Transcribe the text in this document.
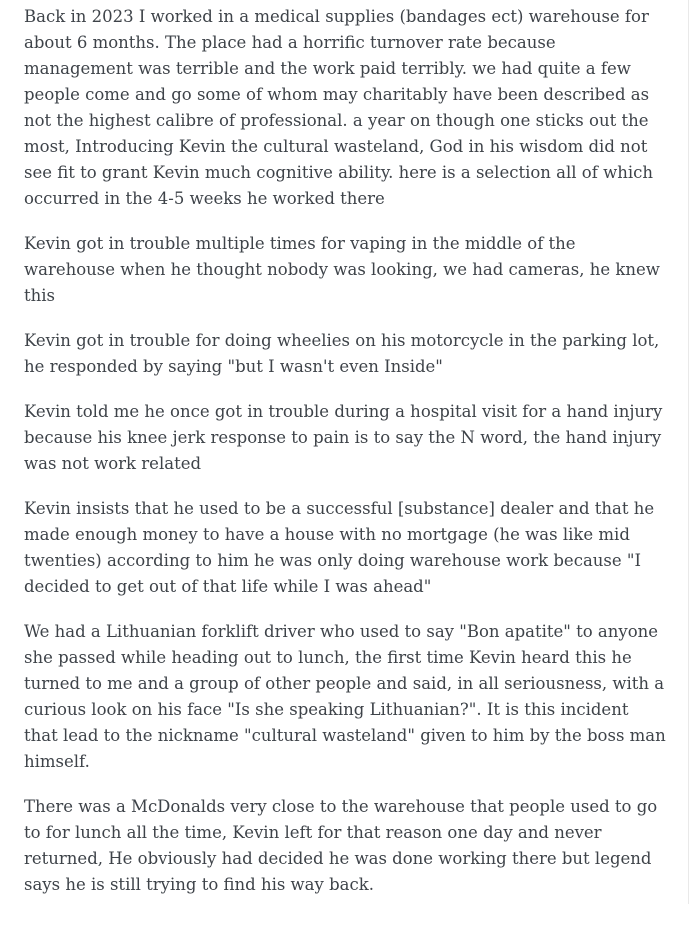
Back in 2023 I worked in a medical supplies (bandages ect) warehouse for about 6 months. The place had a horrific turnover rate because management was terrible and the work paid terribly. we had quite a few people come and go some of whom may charitably have been described as not the highest calibre of professional. a year on though one sticks out the most, Introducing Kevin the cultural wasteland, God in his wisdom did not see fit to grant Kevin much cognitive ability. here is a selection all of which occurred in the 4-5 weeks he worked there

Kevin got in trouble multiple times for vaping in the middle of the warehouse when he thought nobody was looking, we had cameras, he knew this

Kevin got in trouble for doing wheelies on his motorcycle in the parking lot, he responded by saying "but I wasn't even Inside"

Kevin told me he once got in trouble during a hospital visit for a hand injury because his knee jerk response to pain is to say the N word, the hand injury was not work related

Kevin insists that he used to be a successful [substance] dealer and that he made enough money to have a house with no mortgage (he was like mid twenties) according to him he was only doing warehouse work because "I decided to get out of that life while I was ahead"

We had a Lithuanian forklift driver who used to say "Bon apatite" to anyone she passed while heading out to lunch, the first time Kevin heard this he turned to me and a group of other people and said, in all seriousness, with a curious look on his face "Is she speaking Lithuanian?". It is this incident that lead to the nickname "cultural wasteland" given to him by the boss man himself.

There was a McDonalds very close to the warehouse that people used to go to for lunch all the time, Kevin left for that reason one day and never returned, He obviously had decided he was done working there but legend says he is still trying to find his way back.
